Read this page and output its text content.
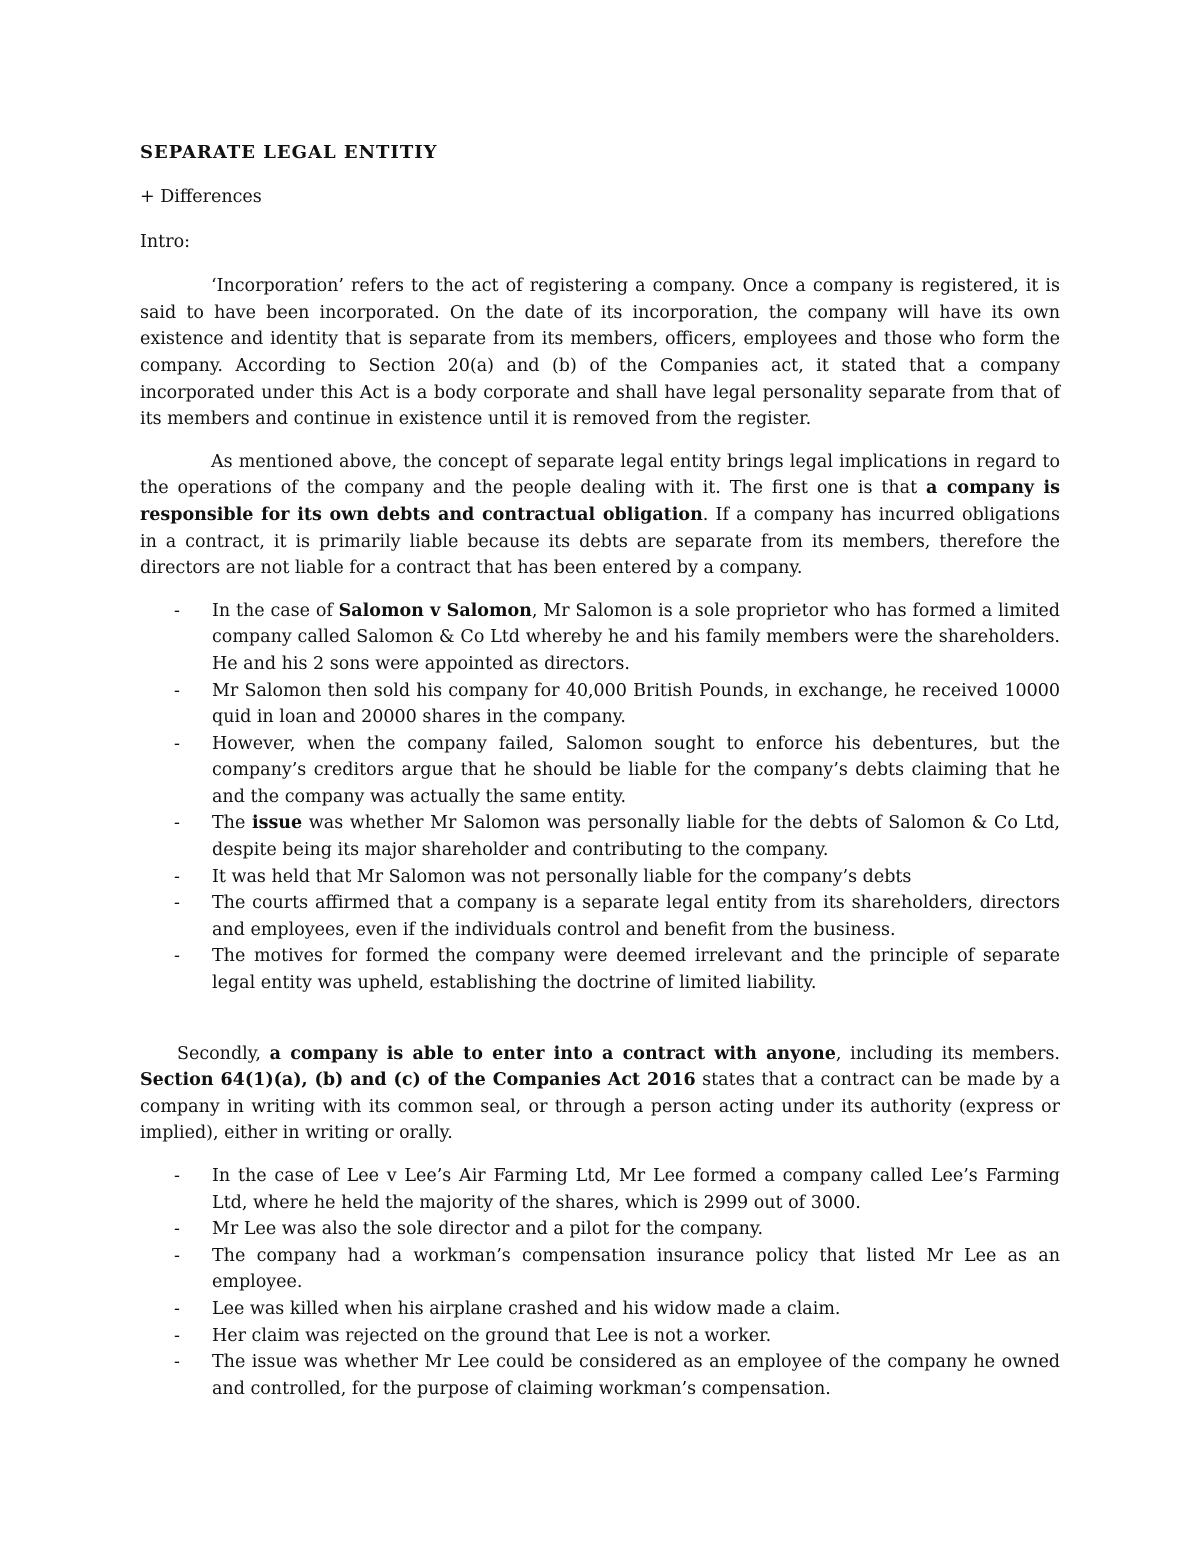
SEPARATE LEGAL ENTITIY
+ Differences
Intro:

‘Incorporation’ refers to the act of registering a company. Once a company is registered, it is said to have been incorporated. On the date of its incorporation, the company will have its own existence and identity that is separate from its members, officers, employees and those who form the company. According to Section 20(a) and (b) of the Companies act, it stated that a company incorporated under this Act is a body corporate and shall have legal personality separate from that of its members and continue in existence until it is removed from the register.

As mentioned above, the concept of separate legal entity brings legal implications in regard to the operations of the company and the people dealing with it. The first one is that a company is responsible for its own debts and contractual obligation. If a company has incurred obligations in a contract, it is primarily liable because its debts are separate from its members, therefore the directors are not liable for a contract that has been entered by a company.

- In the case of Salomon v Salomon, Mr Salomon is a sole proprietor who has formed a limited company called Salomon & Co Ltd whereby he and his family members were the shareholders. He and his 2 sons were appointed as directors.
- Mr Salomon then sold his company for 40,000 British Pounds, in exchange, he received 10000 quid in loan and 20000 shares in the company.
- However, when the company failed, Salomon sought to enforce his debentures, but the company’s creditors argue that he should be liable for the company’s debts claiming that he and the company was actually the same entity.
- The issue was whether Mr Salomon was personally liable for the debts of Salomon & Co Ltd, despite being its major shareholder and contributing to the company.
- It was held that Mr Salomon was not personally liable for the company’s debts
- The courts affirmed that a company is a separate legal entity from its shareholders, directors and employees, even if the individuals control and benefit from the business.
- The motives for formed the company were deemed irrelevant and the principle of separate legal entity was upheld, establishing the doctrine of limited liability.

Secondly, a company is able to enter into a contract with anyone, including its members. Section 64(1)(a), (b) and (c) of the Companies Act 2016 states that a contract can be made by a company in writing with its common seal, or through a person acting under its authority (express or implied), either in writing or orally.

- In the case of Lee v Lee’s Air Farming Ltd, Mr Lee formed a company called Lee’s Farming Ltd, where he held the majority of the shares, which is 2999 out of 3000.
- Mr Lee was also the sole director and a pilot for the company.
- The company had a workman’s compensation insurance policy that listed Mr Lee as an employee.
- Lee was killed when his airplane crashed and his widow made a claim.
- Her claim was rejected on the ground that Lee is not a worker.
- The issue was whether Mr Lee could be considered as an employee of the company he owned and controlled, for the purpose of claiming workman’s compensation.
